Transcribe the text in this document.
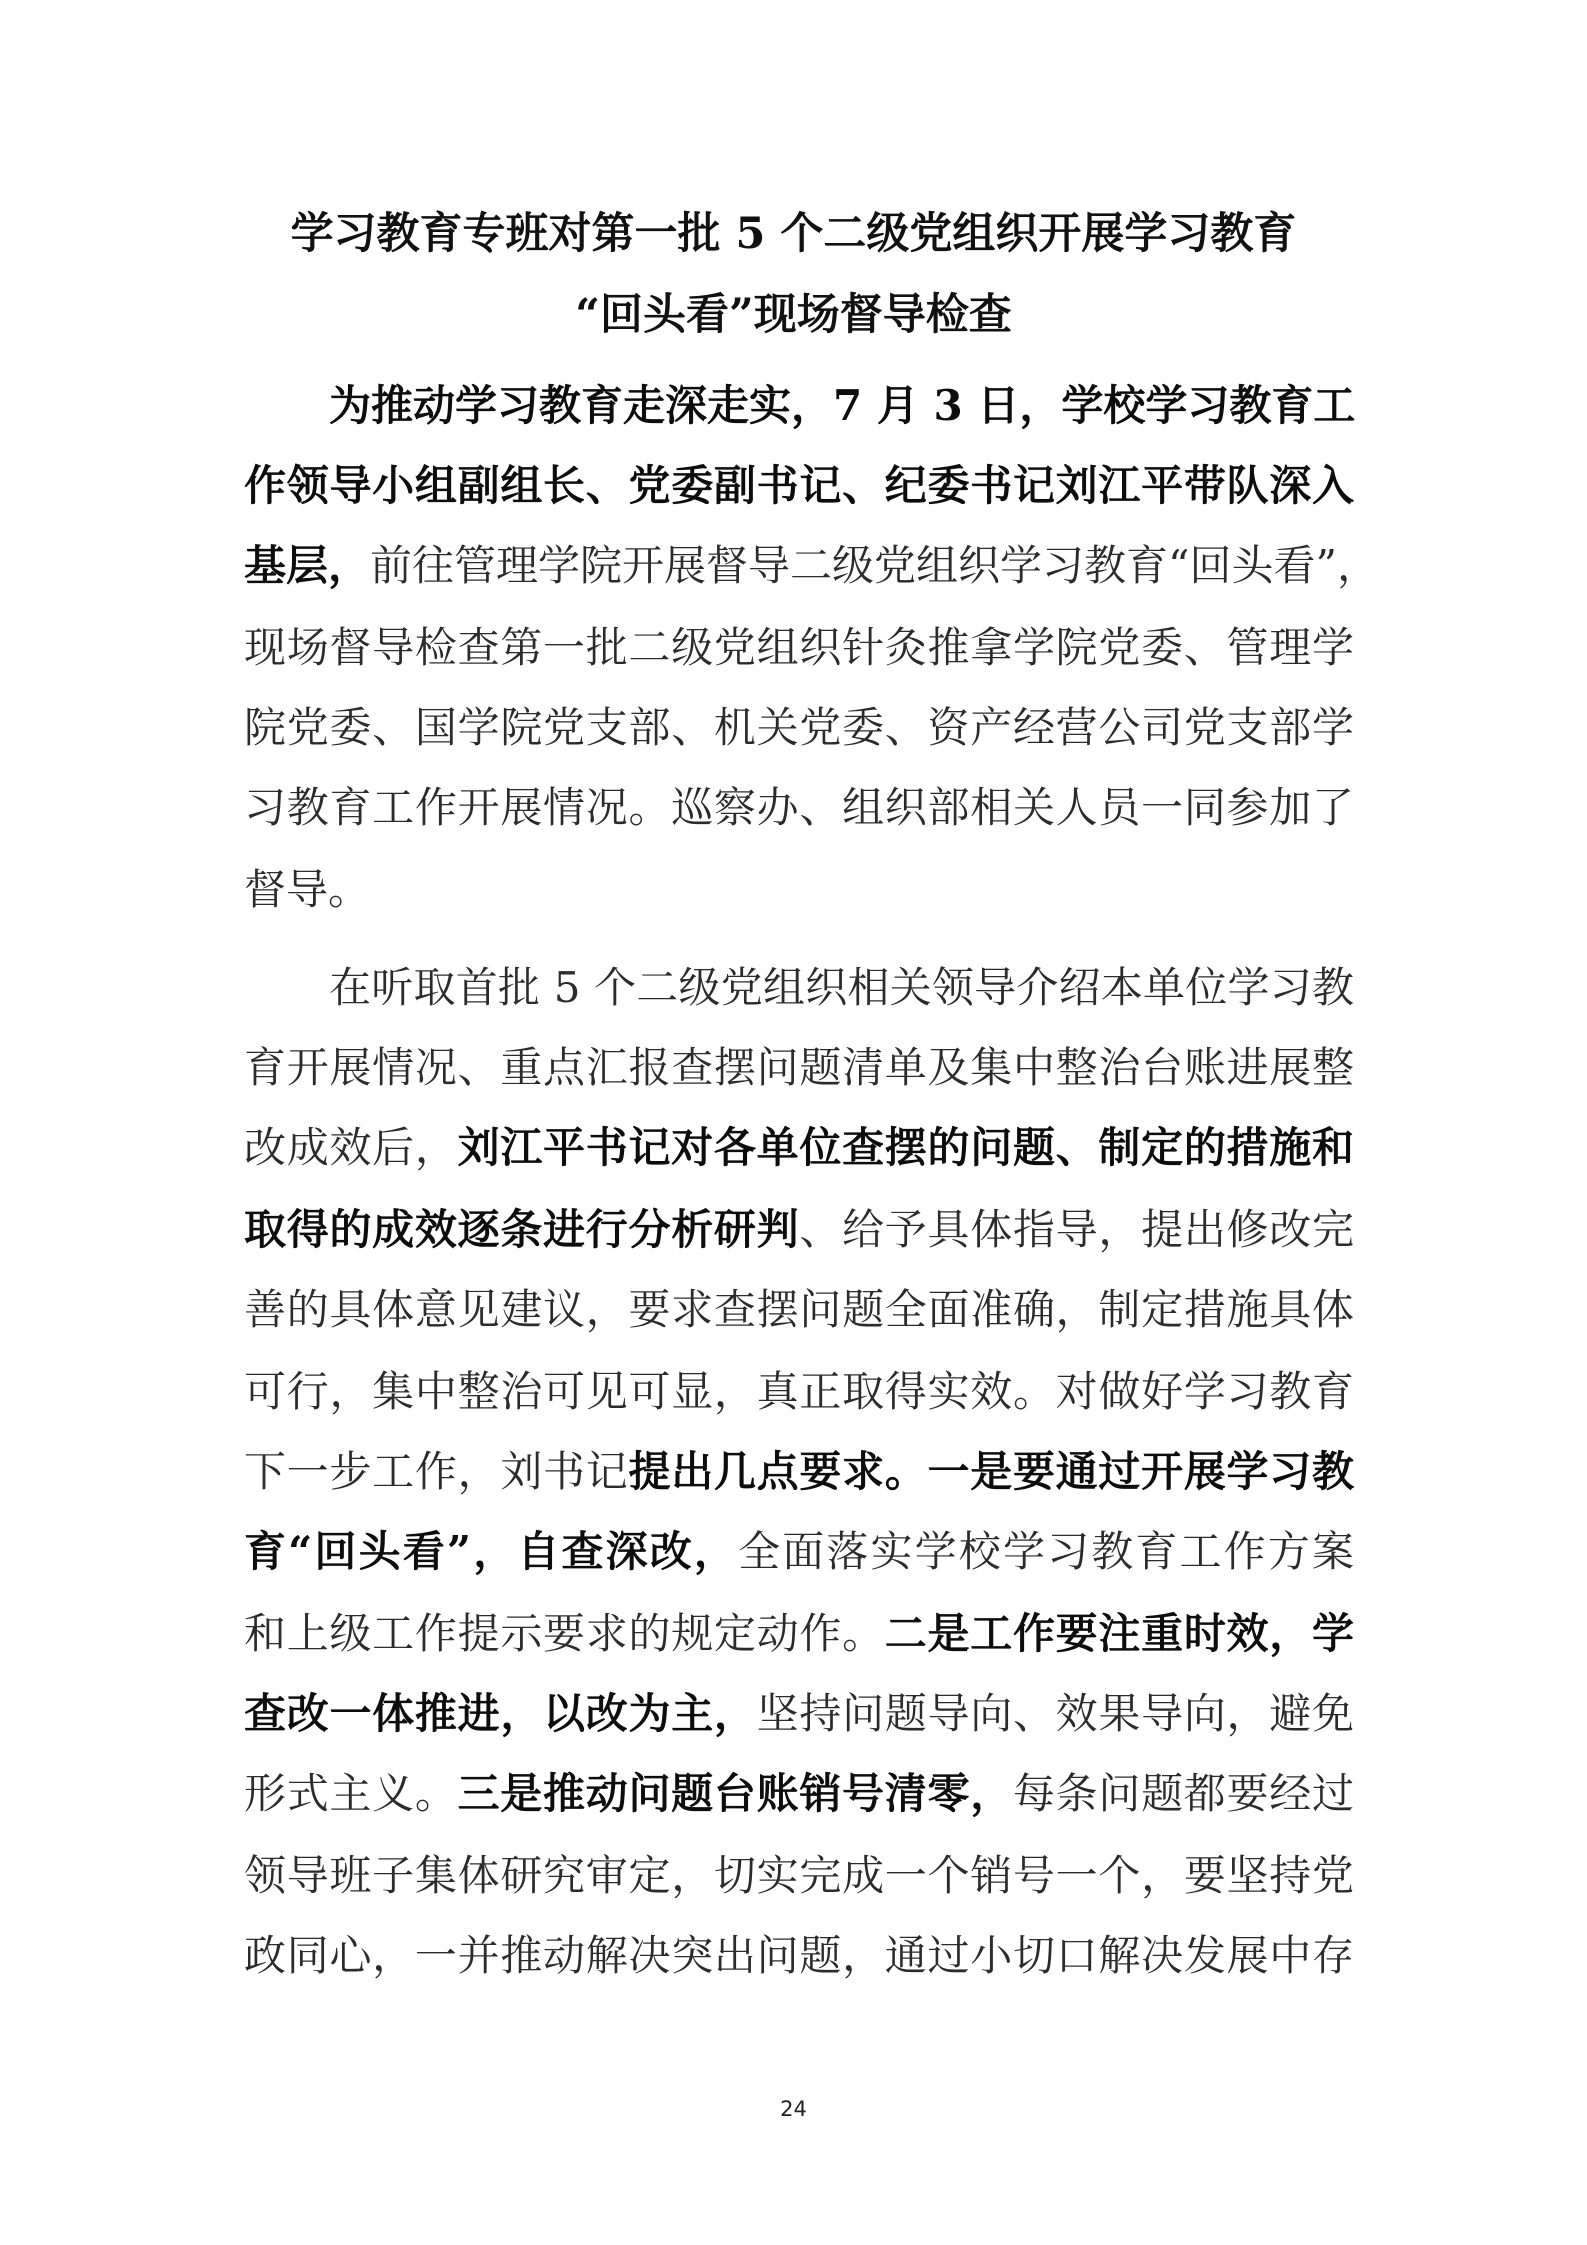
学习教育专班对第一批 5 个二级党组织开展学习教育
“回头看”现场督导检查
为推动学习教育走深走实，7 月 3 日，学校学习教育工
作领导小组副组长、党委副书记、纪委书记刘江平带队深入
基层，前往管理学院开展督导二级党组织学习教育“回头看”，
现场督导检查第一批二级党组织针灸推拿学院党委、管理学
院党委、国学院党支部、机关党委、资产经营公司党支部学
习教育工作开展情况。巡察办、组织部相关人员一同参加了
督导。
在听取首批 5 个二级党组织相关领导介绍本单位学习教
育开展情况、重点汇报查摆问题清单及集中整治台账进展整
改成效后，刘江平书记对各单位查摆的问题、制定的措施和
取得的成效逐条进行分析研判、给予具体指导，提出修改完
善的具体意见建议，要求查摆问题全面准确，制定措施具体
可行，集中整治可见可显，真正取得实效。对做好学习教育
下一步工作，刘书记提出几点要求。一是要通过开展学习教
育“回头看”，自查深改，全面落实学校学习教育工作方案
和上级工作提示要求的规定动作。二是工作要注重时效，学
查改一体推进，以改为主，坚持问题导向、效果导向，避免
形式主义。三是推动问题台账销号清零，每条问题都要经过
领导班子集体研究审定，切实完成一个销号一个，要坚持党
政同心，一并推动解决突出问题，通过小切口解决发展中存
24
